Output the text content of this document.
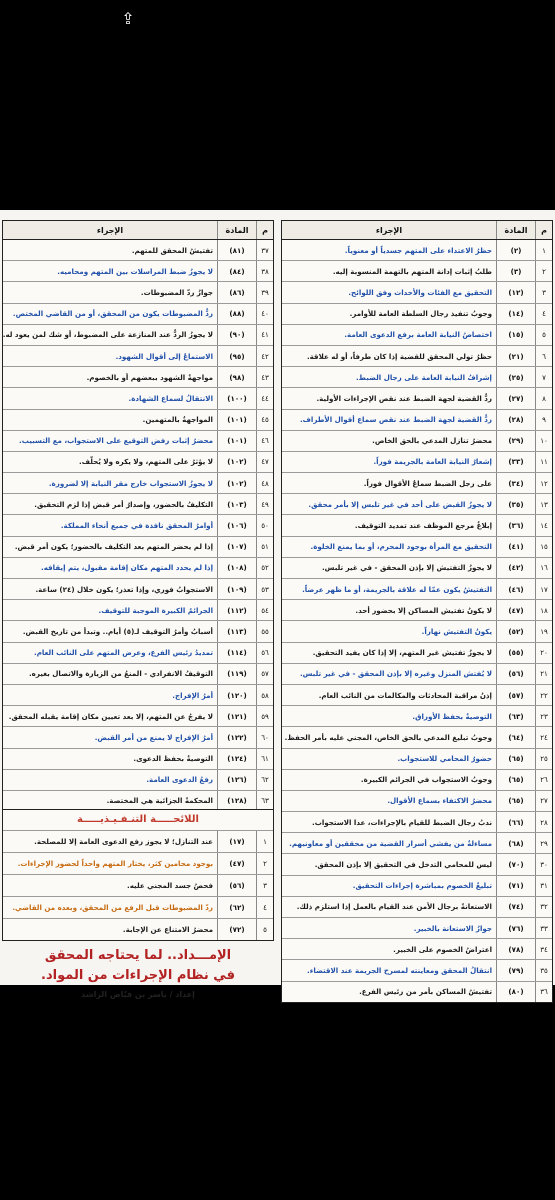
⇪
م
المادة
الإجراء
١
(٢)
حظرُ الاعتداء على المتهم جسدياً أو معنوياً.
٢
(٣)
طلبُ إثبات إدانة المتهم بالتهمة المنسوبة إليه.
٣
(١٢)
التحقيق مع الفئات والأحداث وفق اللوائح.
٤
(١٤)
وجوبُ تنفيذ رجال السلطة العامة للأوامر.
٥
(١٥)
اختصاصُ النيابة العامة برفع الدعوى العامة.
٦
(٢١)
حظرُ تولي المحقق للقضية إذا كان طرفاً، أو له علاقة.
٧
(٢٥)
إشرافُ النيابة العامة على رجال الضبط.
٨
(٢٧)
ردُّ القضية لجهة الضبط عند نقص الإجراءات الأولية.
٩
(٢٨)
ردُّ القضية لجهة الضبط عند نقص سماع أقوال الأطراف.
١٠
(٢٩)
محضرُ تنازل المدعي بالحق الخاص.
١١
(٣٣)
إشعارُ النيابة العامة بالجريمة فوراً.
١٢
(٣٤)
على رجل الضبط سماعُ الأقوال فوراً.
١٣
(٣٥)
لا يجوزُ القبض على أحد في غير تلبس إلا بأمر محقق.
١٤
(٣٦)
إبلاغُ مرجع الموظف عند تمديد التوقيف.
١٥
(٤١)
التحقيق مع المرأة بوجود المحرم، أو بما يمنع الخلوة.
١٦
(٤٢)
لا يجوزُ التفتيش إلا بإذن المحقق - في غير تلبس.
١٧
(٤٦)
التفتيشُ يكون عمّا له علاقة بالجريمة، أو ما ظهر عرضاً.
١٨
(٤٧)
لا يكونُ تفتيش المساكن إلا بحضور أحد.
١٩
(٥٢)
يكونُ التفتيش نهاراً.
٢٠
(٥٥)
لا يجوزُ تفتيش غير المتهم، إلا إذا كان يفيد التحقيق.
٢١
(٥٦)
لا يُفتش المنزل وغيره إلا بإذن المحقق - في غير تلبس.
٢٢
(٥٧)
إذنُ مراقبة المحادثات والمكالمات من النائب العام.
٢٣
(٦٣)
التوصيةُ بحفظ الأوراق.
٢٤
(٦٤)
وجوبُ تبليغ المدعي بالحق الخاص، المجني عليه بأمر الحفظ.
٢٥
(٦٥)
حضورُ المحامي للاستجواب.
٢٦
(٦٥)
وجوبُ الاستجواب في الجرائم الكبيرة.
٢٧
(٦٥)
محضرُ الاكتفاء بسماع الأقوال.
٢٨
(٦٦)
ندبُ رجال الضبط للقيام بالإجراءات، عدا الاستجواب.
٢٩
(٦٨)
مساءلةُ من يفشي أسرار القضية من محققين أو معاونيهم.
٣٠
(٧٠)
ليس للمحامي التدخل في التحقيق إلا بإذن المحقق.
٣١
(٧١)
تبليغُ الخصوم بمباشرة إجراءات التحقيق.
٣٢
(٧٤)
الاستعانةُ برجال الأمن عند القيام بالعمل إذا استلزم ذلك.
٣٣
(٧٦)
جوازُ الاستعانة بالخبير.
٣٤
(٧٨)
اعتراضُ الخصوم على الخبير.
٣٥
(٧٩)
انتقالُ المحقق ومعاينته لمسرح الجريمة عند الاقتضاء.
٣٦
(٨٠)
تفتيشُ المساكن بأمر من رئيس الفرع.
م
المادة
الإجراء
٣٧
(٨١)
تفتيشُ المحقق للمتهم.
٣٨
(٨٤)
لا يجوزُ ضبط المراسلات بين المتهم ومحاميه.
٣٩
(٨٦)
جوازُ ردّ المضبوطات.
٤٠
(٨٨)
ردُّ المضبوطات يكون من المحقق، أو من القاضي المختص.
٤١
(٩٠)
لا يجوزُ الردُّ عند المنازعة على المضبوط، أو شك لمن يعود له.
٤٢
(٩٥)
الاستماعُ إلى أقوال الشهود.
٤٣
(٩٨)
مواجهةُ الشهود ببعضهم أو بالخصوم.
٤٤
(١٠٠)
الانتقالُ لسماع الشهادة.
٤٥
(١٠١)
المواجهةُ بالمتهمين.
٤٦
(١٠١)
محضرُ إثبات رفض التوقيع على الاستجواب، مع التسبيب.
٤٧
(١٠٢)
لا يؤثرُ على المتهم، ولا يكره ولا يُحلّف.
٤٨
(١٠٢)
لا يجوزُ الاستجواب خارج مقر النيابة إلا لضرورة.
٤٩
(١٠٣)
التكليفُ بالحضور، وإصدارُ أمر قبض إذا لزم التحقيق.
٥٠
(١٠٦)
أوامرُ المحقق نافذة في جميع أنحاء المملكة.
٥١
(١٠٧)
إذا لم يحضر المتهم بعد التكليف بالحضور؛ يكون أمر قبض.
٥٢
(١٠٨)
إذا لم يحدد المتهم مكان إقامة مقبول، يتم إيقافه.
٥٣
(١٠٩)
الاستجوابُ فوري، وإذا تعذر؛ يكون خلال (٢٤) ساعة.
٥٤
(١١٢)
الجرائمُ الكبيرة الموجبة للتوقيف.
٥٥
(١١٣)
أسبابُ وأمرُ التوقيف لـ(٥) أيام.. وتبدأ من تاريخ القبض.
٥٦
(١١٤)
تمديدُ رئيس الفرع، وعرض المتهم على النائب العام.
٥٧
(١١٩)
التوقيفُ الانفرادي - المنعُ من الزيارة والاتصال بغيره.
٥٨
(١٢٠)
أمرُ الإفراج.
٥٩
(١٢١)
لا يفرجُ عن المتهم، إلا بعد تعيين مكان إقامة يقبله المحقق.
٦٠
(١٢٢)
أمرُ الإفراج لا يمنع من أمر القبض.
٦١
(١٢٤)
التوصيةُ بحفظ الدعوى.
٦٢
(١٢٦)
رفعُ الدعوى العامة.
٦٣
(١٢٨)
المحكمةُ الجزائية هي المختصة.
اللائحـــــة التنـفـيـذيـــــة
١
(١٧)
عند التنازل؛ لا يجوز رفع الدعوى العامة إلا للمصلحة.
٢
(٤٧)
بوجود محامين كثر، يختار المتهم واحداً لحضور الإجراءات.
٣
(٥٦)
فحصُ جسد المجني عليه.
٤
(٦٢)
ردّ المضبوطات قبل الرفع من المحقق، وبعده من القاضي.
٥
(٧٢)
محضرُ الامتناع عن الإجابة.
الإمـــداد.. لما يحتاجه المحقق
في نظام الإجراءات من المواد.
إعداد / ياسر بن فيّاض الراشد
